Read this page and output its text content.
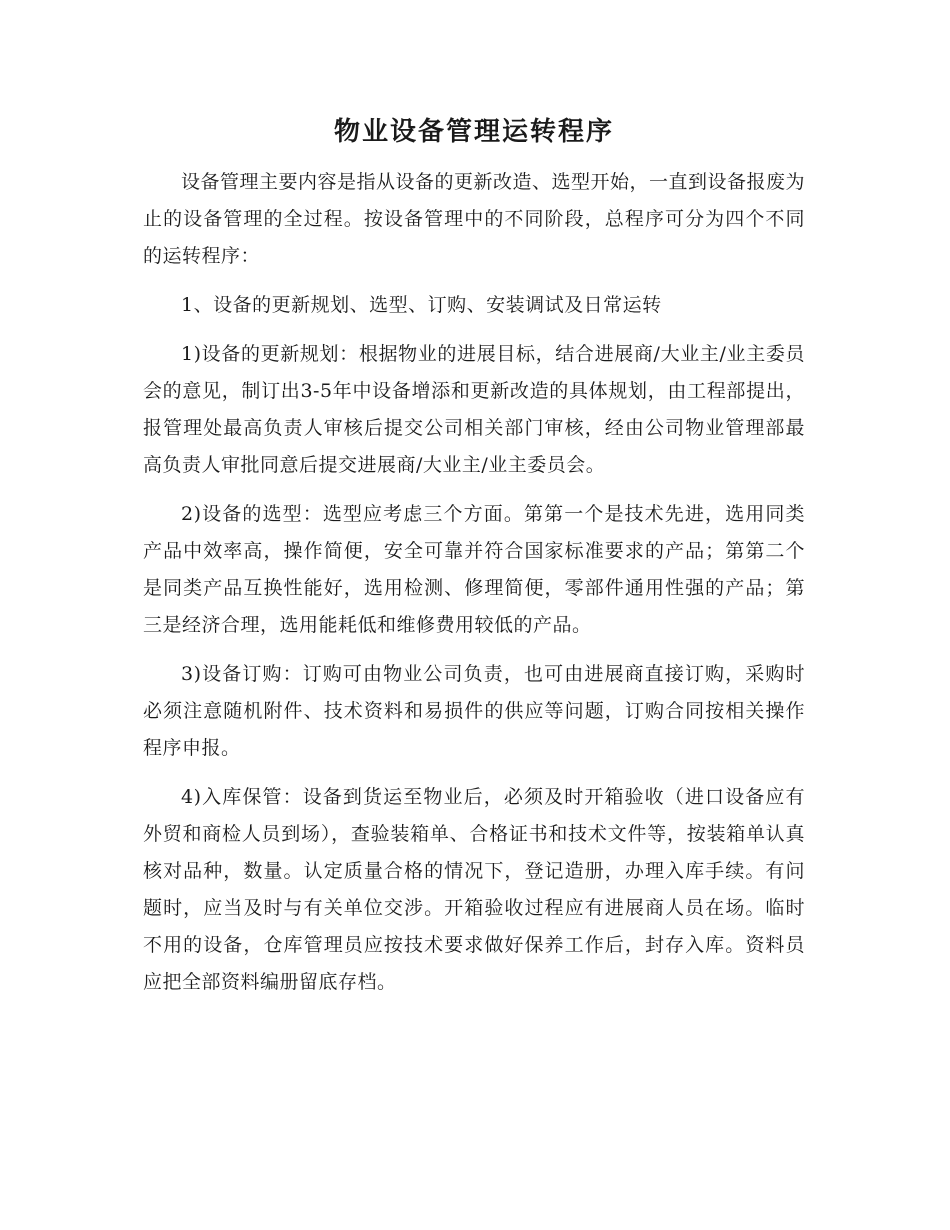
物业设备管理运转程序

设备管理主要内容是指从设备的更新改造、选型开始，一直到设备报废为止的设备管理的全过程。按设备管理中的不同阶段，总程序可分为四个不同的运转程序：

1、设备的更新规划、选型、订购、安装调试及日常运转

1)设备的更新规划：根据物业的进展目标，结合进展商/大业主/业主委员会的意见，制订出3-5年中设备增添和更新改造的具体规划，由工程部提出，报管理处最高负责人审核后提交公司相关部门审核，经由公司物业管理部最高负责人审批同意后提交进展商/大业主/业主委员会。

2)设备的选型：选型应考虑三个方面。第第一个是技术先进，选用同类产品中效率高，操作简便，安全可靠并符合国家标准要求的产品；第第二个是同类产品互换性能好，选用检测、修理简便，零部件通用性强的产品；第三是经济合理，选用能耗低和维修费用较低的产品。

3)设备订购：订购可由物业公司负责，也可由进展商直接订购，采购时必须注意随机附件、技术资料和易损件的供应等问题，订购合同按相关操作程序申报。

4)入库保管：设备到货运至物业后，必须及时开箱验收（进口设备应有外贸和商检人员到场），查验装箱单、合格证书和技术文件等，按装箱单认真核对品种，数量。认定质量合格的情况下，登记造册，办理入库手续。有问题时，应当及时与有关单位交涉。开箱验收过程应有进展商人员在场。临时不用的设备，仓库管理员应按技术要求做好保养工作后，封存入库。资料员应把全部资料编册留底存档。
